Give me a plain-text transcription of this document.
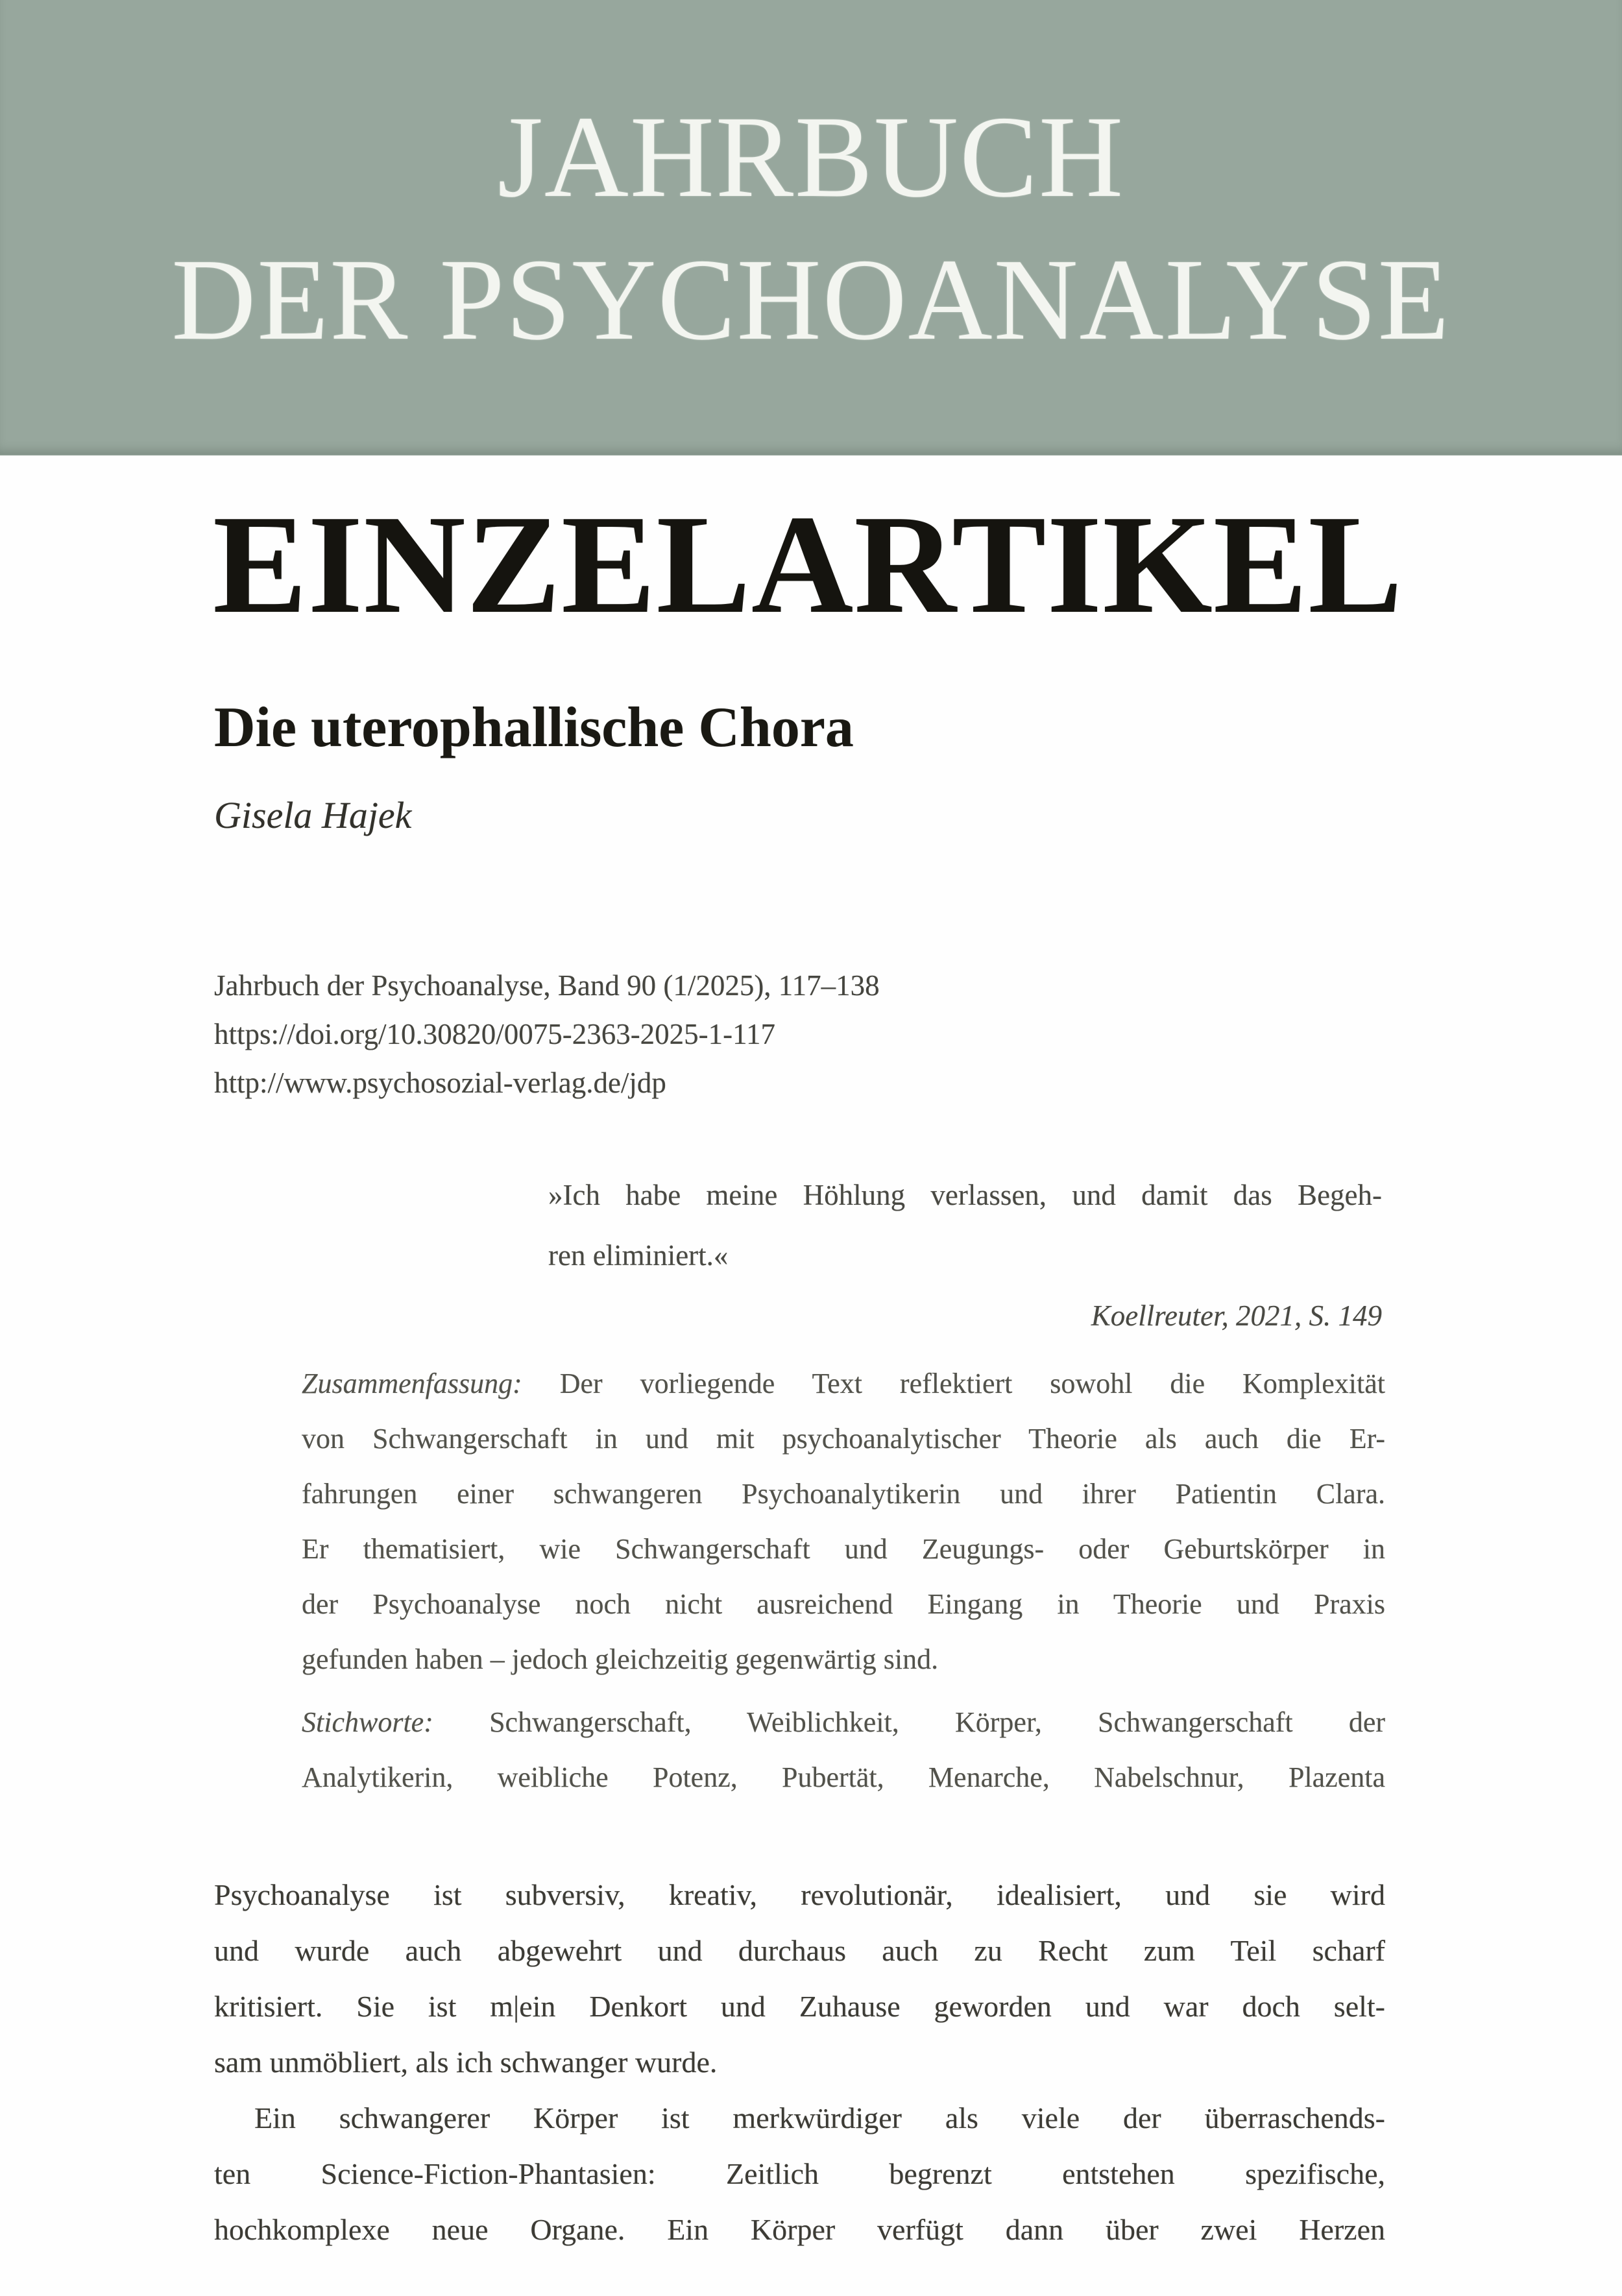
JAHRBUCH
DER PSYCHOANALYSE
EINZELARTIKEL
Die uterophallische Chora
Gisela Hajek
Jahrbuch der Psychoanalyse, Band 90 (1/2025), 117–138
https://doi.org/10.30820/0075-2363-2025-1-117
http://www.psychosozial-verlag.de/jdp
»Ich habe meine Höhlung verlassen, und damit das Begeh-
ren eliminiert.«
Koellreuter, 2021, S. 149
Zusammenfassung: Der vorliegende Text reflektiert sowohl die Komplexität
von Schwangerschaft in und mit psychoanalytischer Theorie als auch die Er-
fahrungen einer schwangeren Psychoanalytikerin und ihrer Patientin Clara.
Er thematisiert, wie Schwangerschaft und Zeugungs- oder Geburtskörper in
der Psychoanalyse noch nicht ausreichend Eingang in Theorie und Praxis
gefunden haben – jedoch gleichzeitig gegenwärtig sind.
Stichworte: Schwangerschaft, Weiblichkeit, Körper, Schwangerschaft der
Analytikerin, weibliche Potenz, Pubertät, Menarche, Nabelschnur, Plazenta
Psychoanalyse ist subversiv, kreativ, revolutionär, idealisiert, und sie wird
und wurde auch abgewehrt und durchaus auch zu Recht zum Teil scharf
kritisiert. Sie ist m|ein Denkort und Zuhause geworden und war doch selt-
sam unmöbliert, als ich schwanger wurde.
Ein schwangerer Körper ist merkwürdiger als viele der überraschends-
ten Science-Fiction-Phantasien: Zeitlich begrenzt entstehen spezifische,
hochkomplexe neue Organe. Ein Körper verfügt dann über zwei Herzen
